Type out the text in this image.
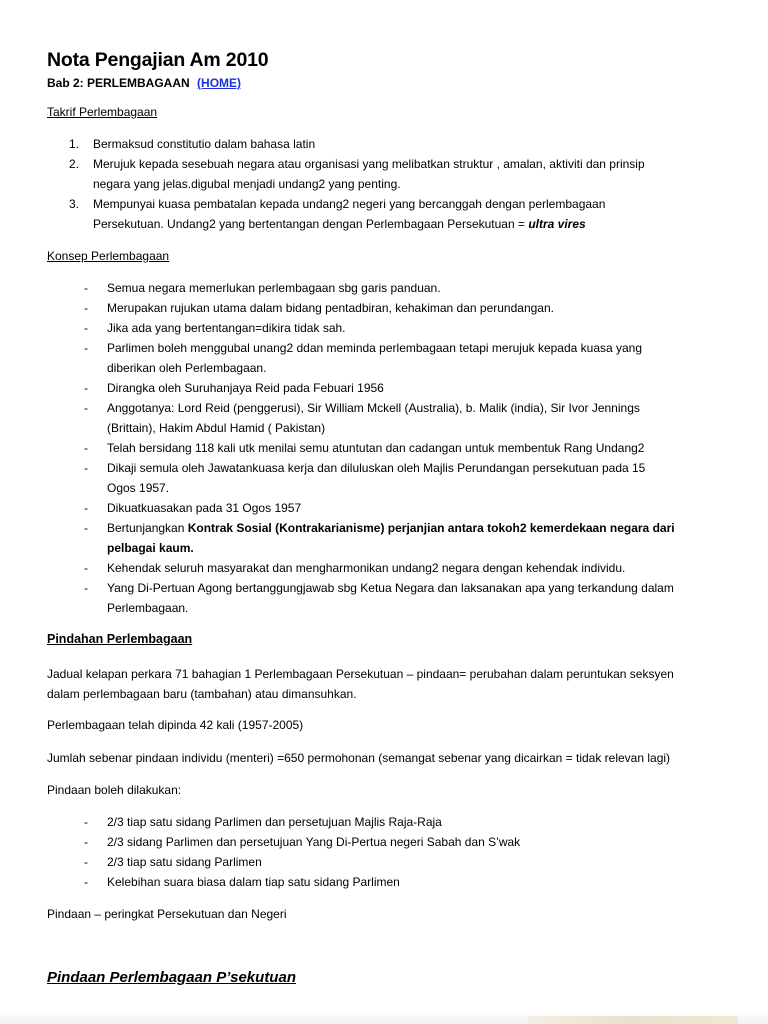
Nota Pengajian Am 2010
Bab 2: PERLEMBAGAAN (HOME)
Takrif Perlembagaan
1. Bermaksud constitutio dalam bahasa latin
2. Merujuk kepada sesebuah negara atau organisasi yang melibatkan struktur , amalan, aktiviti dan prinsip
negara yang jelas.digubal menjadi undang2 yang penting.
3. Mempunyai kuasa pembatalan kepada undang2 negeri yang bercanggah dengan perlembagaan
Persekutuan. Undang2 yang bertentangan dengan Perlembagaan Persekutuan = ultra vires
Konsep Perlembagaan
- Semua negara memerlukan perlembagaan sbg garis panduan.
- Merupakan rujukan utama dalam bidang pentadbiran, kehakiman dan perundangan.
- Jika ada yang bertentangan=dikira tidak sah.
- Parlimen boleh menggubal unang2 ddan meminda perlembagaan tetapi merujuk kepada kuasa yang
diberikan oleh Perlembagaan.
- Dirangka oleh Suruhanjaya Reid pada Febuari 1956
- Anggotanya: Lord Reid (penggerusi), Sir William Mckell (Australia), b. Malik (india), Sir Ivor Jennings
(Brittain), Hakim Abdul Hamid ( Pakistan)
- Telah bersidang 118 kali utk menilai semu atuntutan dan cadangan untuk membentuk Rang Undang2
- Dikaji semula oleh Jawatankuasa kerja dan diluluskan oleh Majlis Perundangan persekutuan pada 15
Ogos 1957.
- Dikuatkuasakan pada 31 Ogos 1957
- Bertunjangkan Kontrak Sosial (Kontrakarianisme) perjanjian antara tokoh2 kemerdekaan negara dari
pelbagai kaum.
- Kehendak seluruh masyarakat dan mengharmonikan undang2 negara dengan kehendak individu.
- Yang Di-Pertuan Agong bertanggungjawab sbg Ketua Negara dan laksanakan apa yang terkandung dalam
Perlembagaan.
Pindahan Perlembagaan

Jadual kelapan perkara 71 bahagian 1 Perlembagaan Persekutuan – pindaan= perubahan dalam peruntukan seksyen
dalam perlembagaan baru (tambahan) atau dimansuhkan.

Perlembagaan telah dipinda 42 kali (1957-2005)

Jumlah sebenar pindaan individu (menteri) =650 permohonan (semangat sebenar yang dicairkan = tidak relevan lagi)

Pindaan boleh dilakukan:

- 2/3 tiap satu sidang Parlimen dan persetujuan Majlis Raja-Raja
- 2/3 sidang Parlimen dan persetujuan Yang Di-Pertua negeri Sabah dan S’wak
- 2/3 tiap satu sidang Parlimen
- Kelebihan suara biasa dalam tiap satu sidang Parlimen

Pindaan – peringkat Persekutuan dan Negeri

Pindaan Perlembagaan P’sekutuan
